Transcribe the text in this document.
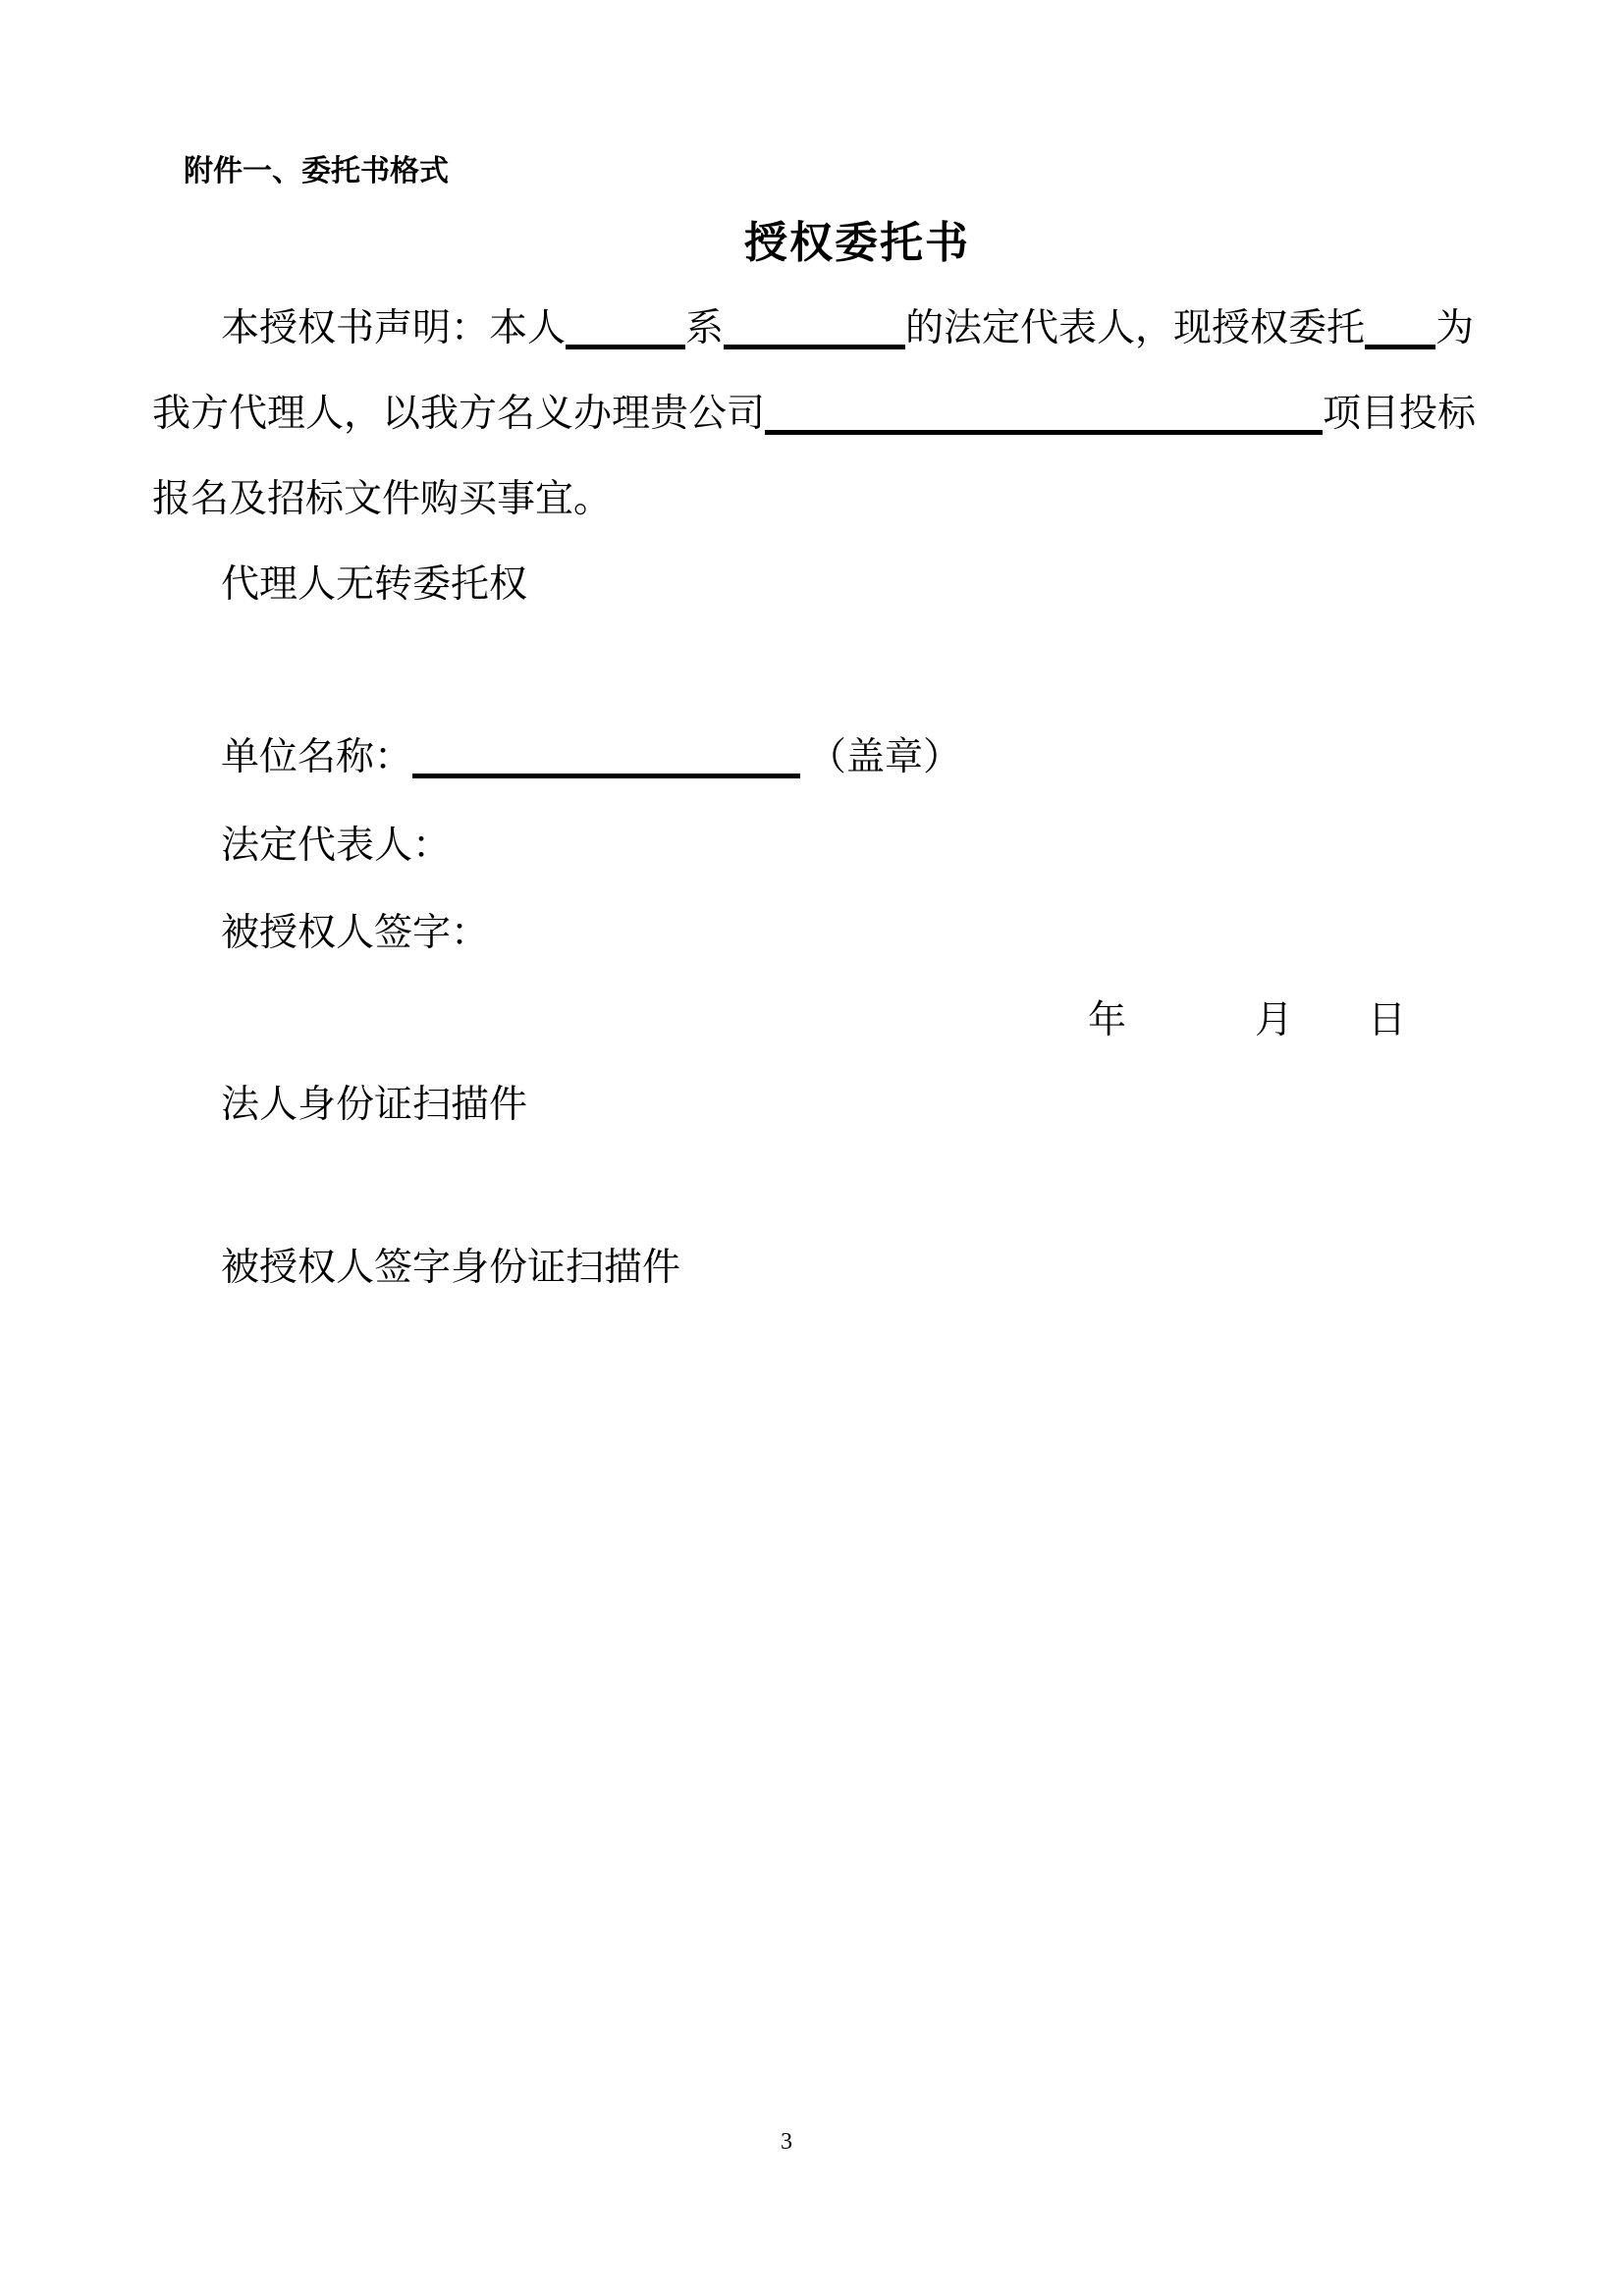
附件一、委托书格式
授权委托书
本授权书声明：本人	系	的法定代表人，现授权委托 为
我方代理人，以我方名义办理贵公司	项目投标
报名及招标文件购买事宜。
代理人无转委托权
单位名称：	（盖章）
法定代表人：
被授权人签字：
年	月 日
法人身份证扫描件
被授权人签字身份证扫描件
3
